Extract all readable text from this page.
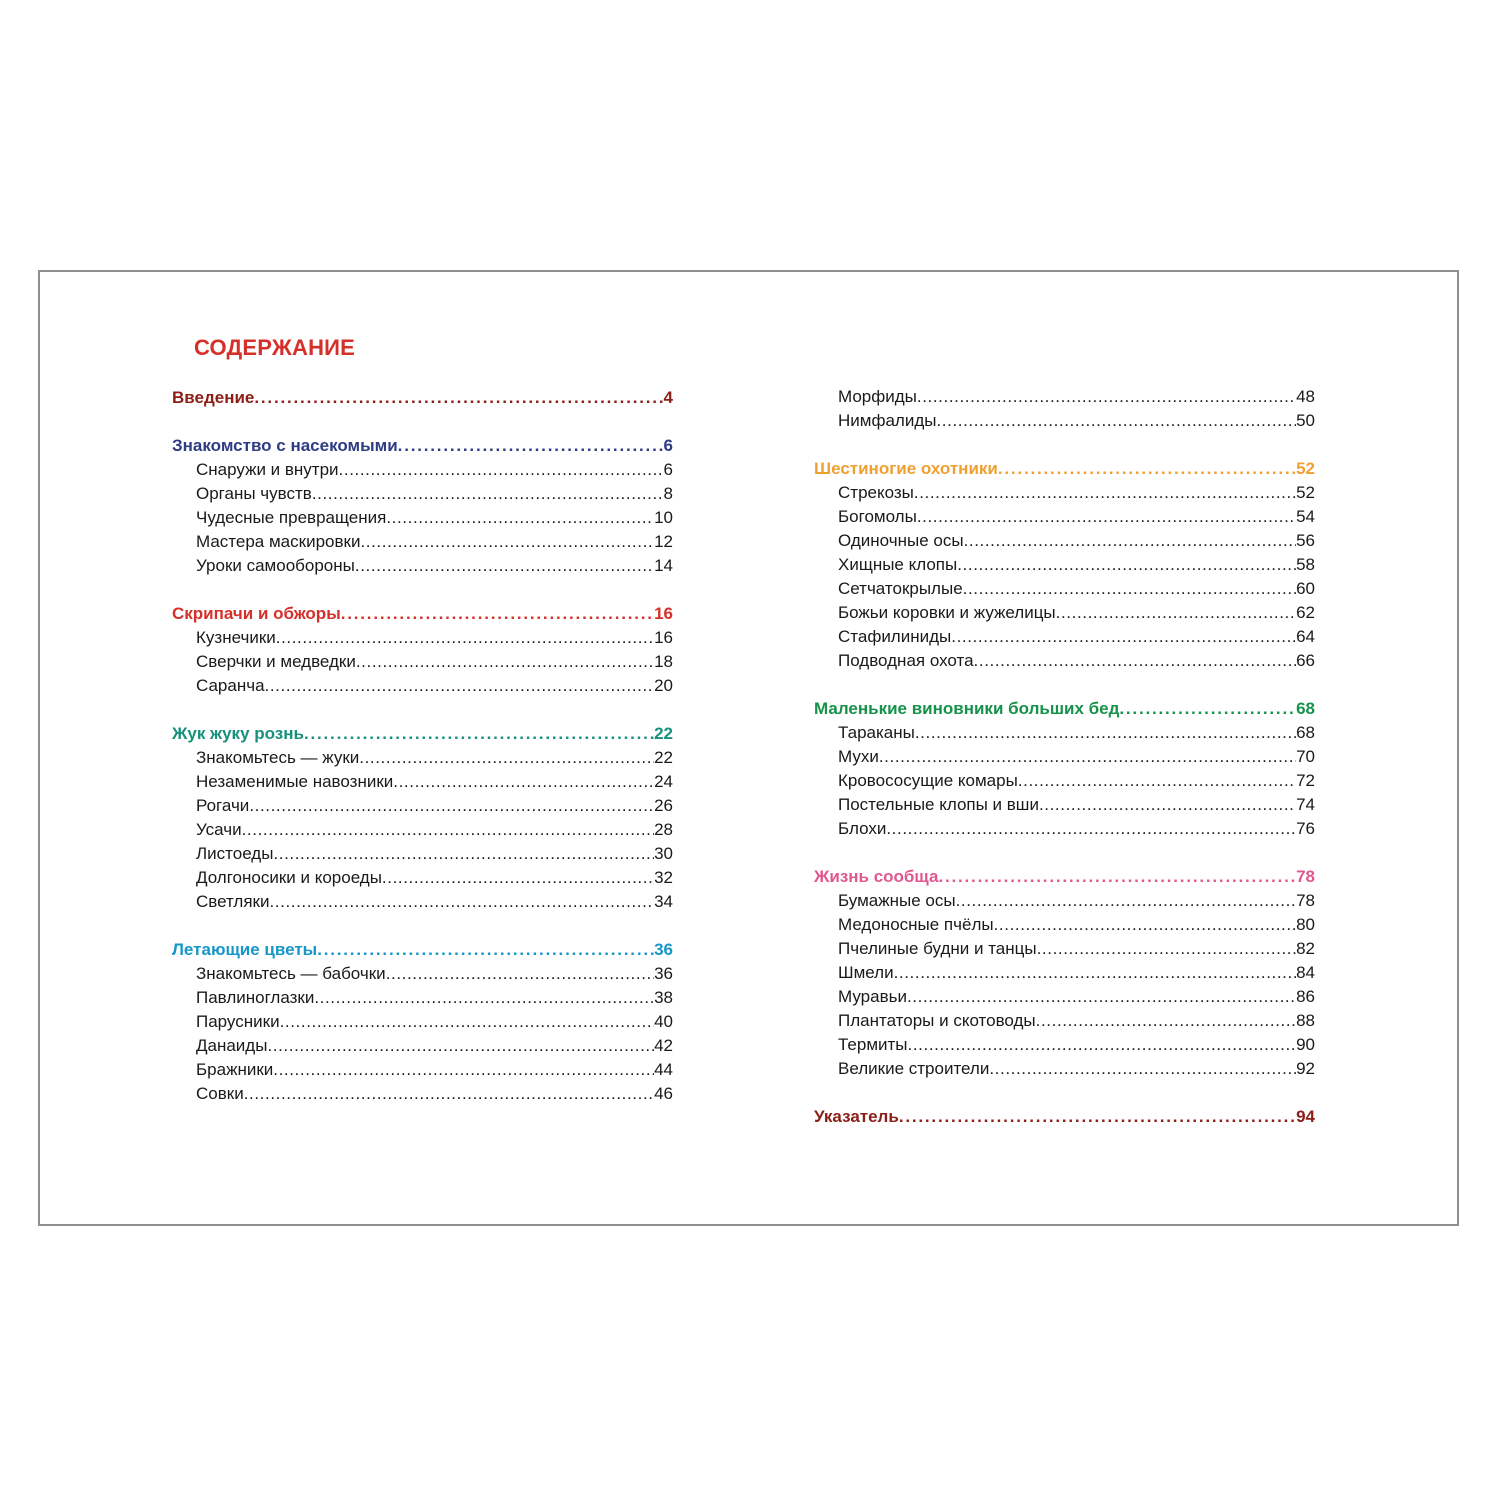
СОДЕРЖАНИЕ
Введение .....	4
Знакомство с насекомыми .....	6
Снаружи и внутри .....	6
Органы чувств .....	8
Чудесные превращения .....	10
Мастера маскировки .....	12
Уроки самообороны .....	14
Скрипачи и обжоры .....	16
Кузнечики .....	16
Сверчки и медведки .....	18
Саранча .....	20
Жук жуку рознь .....	22
Знакомьтесь — жуки .....	22
Незаменимые навозники .....	24
Рогачи .....	26
Усачи .....	28
Листоеды .....	30
Долгоносики и короеды .....	32
Светляки .....	34
Летающие цветы .....	36
Знакомьтесь — бабочки .....	36
Павлиноглазки .....	38
Парусники .....	40
Данаиды .....	42
Бражники .....	44
Совки .....	46
Морфиды .....	48
Нимфалиды .....	50
Шестиногие охотники .....	52
Стрекозы .....	52
Богомолы .....	54
Одиночные осы .....	56
Хищные клопы .....	58
Сетчатокрылые .....	60
Божьи коровки и жужелицы .....	62
Стафилиниды .....	64
Подводная охота .....	66
Маленькие виновники больших бед .....	68
Тараканы .....	68
Мухи .....	70
Кровососущие комары .....	72
Постельные клопы и вши .....	74
Блохи .....	76
Жизнь сообща .....	78
Бумажные осы .....	78
Медоносные пчёлы .....	80
Пчелиные будни и танцы .....	82
Шмели .....	84
Муравьи .....	86
Плантаторы и скотоводы .....	88
Термиты .....	90
Великие строители .....	92
Указатель .....	94
